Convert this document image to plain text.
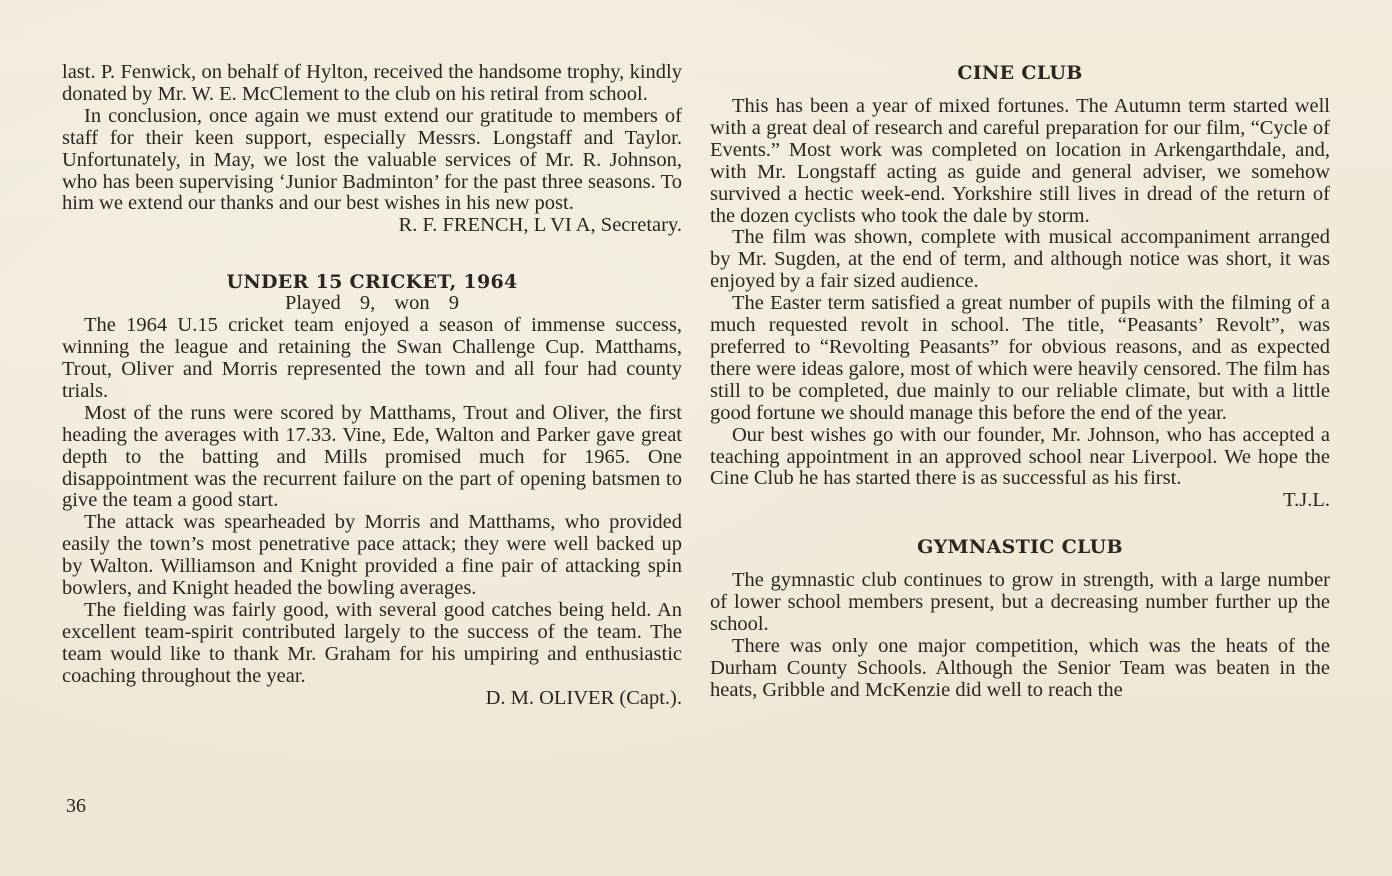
last. P. Fenwick, on behalf of Hylton, received the handsome trophy, kindly donated by Mr. W. E. McClement to the club on his retiral from school.

In conclusion, once again we must extend our gratitude to members of staff for their keen support, especially Messrs. Longstaff and Taylor. Unfortunately, in May, we lost the valuable services of Mr. R. Johnson, who has been supervising ‘Junior Badminton’ for the past three seasons. To him we extend our thanks and our best wishes in his new post.

R. F. FRENCH, L VI A, Secretary.

UNDER 15 CRICKET, 1964

Played 9, won 9

The 1964 U.15 cricket team enjoyed a season of immense success, winning the league and retaining the Swan Challenge Cup. Matthams, Trout, Oliver and Morris represented the town and all four had county trials.

Most of the runs were scored by Matthams, Trout and Oliver, the first heading the averages with 17.33. Vine, Ede, Walton and Parker gave great depth to the batting and Mills promised much for 1965. One disappointment was the recurrent failure on the part of opening batsmen to give the team a good start.

The attack was spearheaded by Morris and Matthams, who provided easily the town’s most penetrative pace attack; they were well backed up by Walton. Williamson and Knight provided a fine pair of attacking spin bowlers, and Knight headed the bowling averages.

The fielding was fairly good, with several good catches being held. An excellent team-spirit contributed largely to the success of the team. The team would like to thank Mr. Graham for his umpiring and enthusiastic coaching throughout the year.

D. M. OLIVER (Capt.).

CINE CLUB

This has been a year of mixed fortunes. The Autumn term started well with a great deal of research and careful preparation for our film, “Cycle of Events.” Most work was completed on location in Arkengarthdale, and, with Mr. Longstaff acting as guide and general adviser, we somehow survived a hectic week-end. Yorkshire still lives in dread of the return of the dozen cyclists who took the dale by storm.

The film was shown, complete with musical accompaniment arranged by Mr. Sugden, at the end of term, and although notice was short, it was enjoyed by a fair sized audience.

The Easter term satisfied a great number of pupils with the filming of a much requested revolt in school. The title, “Peasants’ Revolt”, was preferred to “Revolting Peasants” for obvious reasons, and as expected there were ideas galore, most of which were heavily censored. The film has still to be completed, due mainly to our reliable climate, but with a little good fortune we should manage this before the end of the year.

Our best wishes go with our founder, Mr. Johnson, who has accepted a teaching appointment in an approved school near Liverpool. We hope the Cine Club he has started there is as successful as his first.

T.J.L.

GYMNASTIC CLUB

The gymnastic club continues to grow in strength, with a large number of lower school members present, but a decreasing number further up the school.

There was only one major competition, which was the heats of the Durham County Schools. Although the Senior Team was beaten in the heats, Gribble and McKenzie did well to reach the

36
